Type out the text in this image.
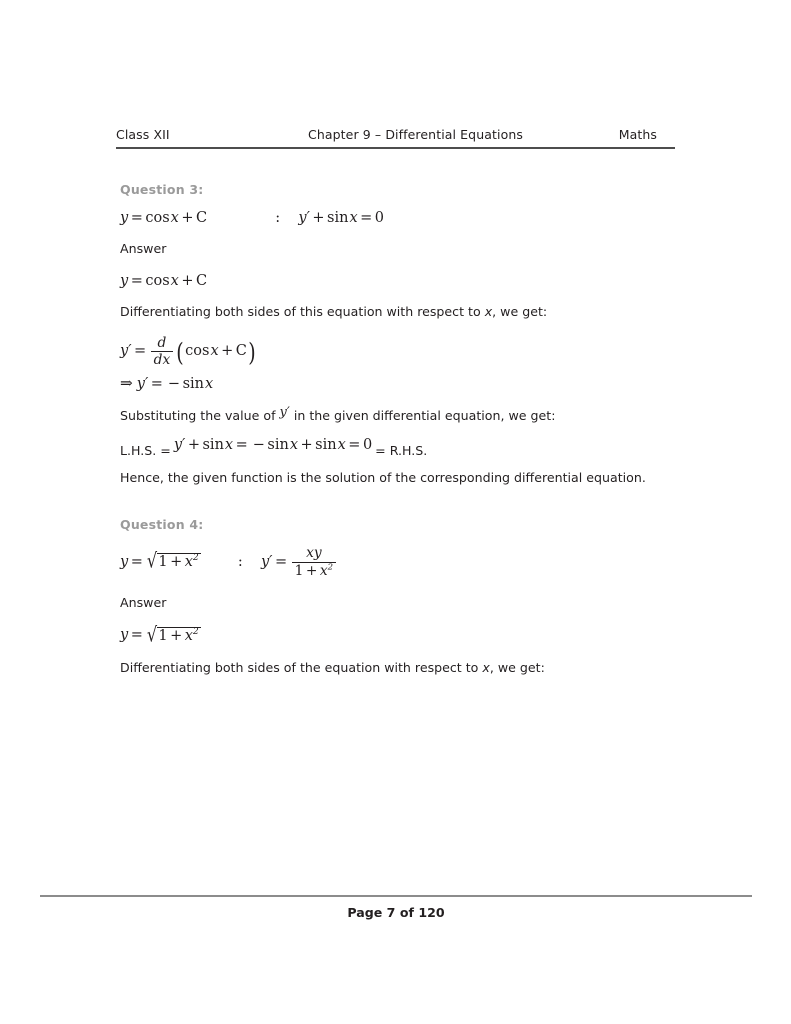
Class XII	Chapter 9 – Differential Equations	Maths
Question 3:
y = cos x + C	: y ′ + sin x = 0
Answer
y = cos x + C
Differentiating both sides of this equation with respect to x, we get:
y ′ = $\frac{d}{dx}$ ( cos x + C )
⇒ y ′ = − sin x
Substituting the value of y ′ in the given differential equation, we get:
L.H.S. = y ′ + sin x = − sin x + sin x = 0 = R.H.S.
Hence, the given function is the solution of the corresponding differential equation.
Question 4:
y = √ $1 + x^2$	: y ′ = $\frac{xy}{1 + x^2}$
Answer
y = √ $1 + x^2$
Differentiating both sides of the equation with respect to x, we get:
Page 7 of 120
